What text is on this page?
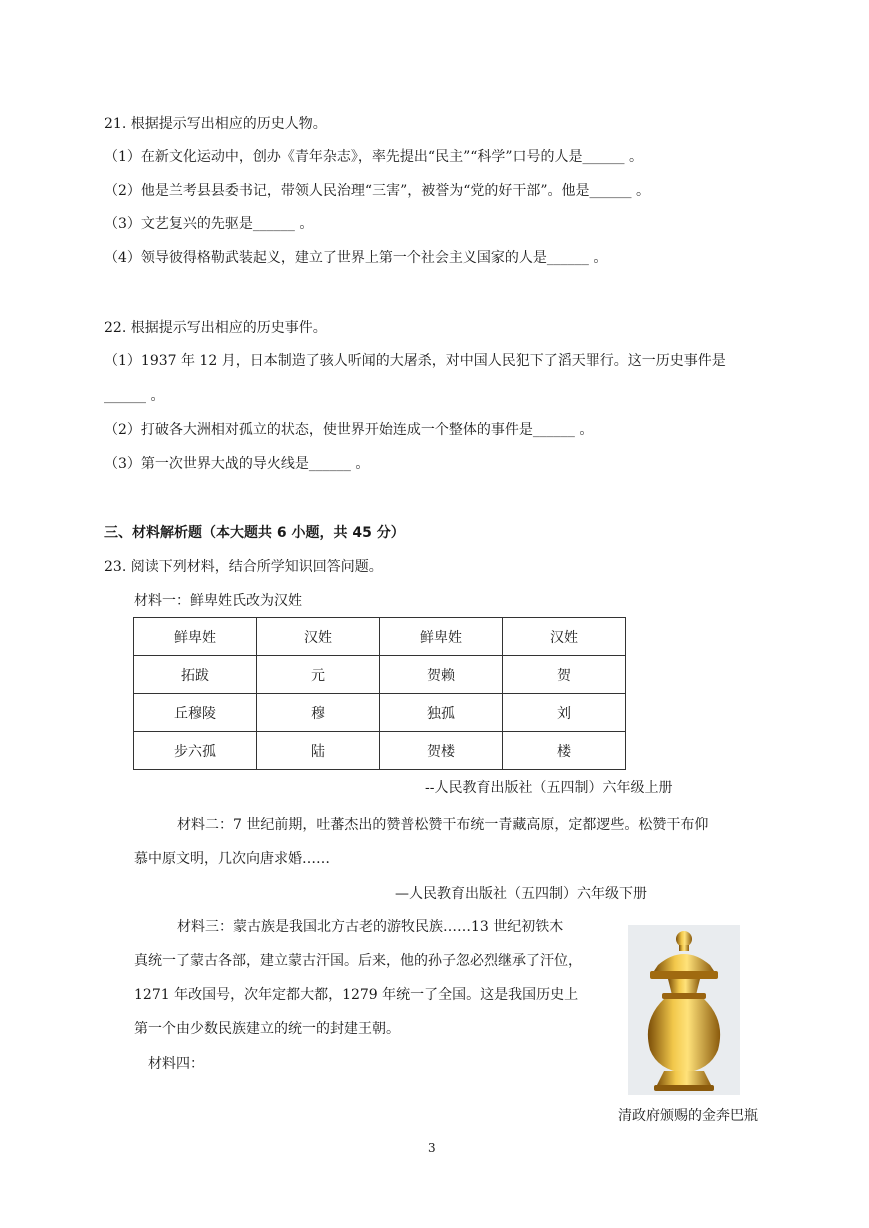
21. 根据提示写出相应的历史人物。
（1）在新文化运动中，创办《青年杂志》，率先提出“民主”“科学”口号的人是______ 。
（2）他是兰考县县委书记，带领人民治理“三害”，被誉为“党的好干部”。他是______ 。
（3）文艺复兴的先驱是______ 。
（4）领导彼得格勒武装起义，建立了世界上第一个社会主义国家的人是______ 。
22. 根据提示写出相应的历史事件。
（1）1937 年 12 月，日本制造了骇人听闻的大屠杀，对中国人民犯下了滔天罪行。这一历史事件是
______ 。
（2）打破各大洲相对孤立的状态，使世界开始连成一个整体的事件是______ 。
（3）第一次世界大战的导火线是______ 。
三、材料解析题（本大题共 6 小题，共 45 分）
23. 阅读下列材料，结合所学知识回答问题。
材料一：鲜卑姓氏改为汉姓
鲜卑姓	汉姓	鲜卑姓	汉姓
拓跋	元	贺赖	贺
丘穆陵	穆	独孤	刘
步六孤	陆	贺楼	楼
--人民教育出版社（五四制）六年级上册
材料二：7 世纪前期，吐蕃杰出的赞普松赞干布统一青藏高原，定都逻些。松赞干布仰
慕中原文明，几次向唐求婚……
—人民教育出版社（五四制）六年级下册
材料三：蒙古族是我国北方古老的游牧民族……13 世纪初铁木
真统一了蒙古各部，建立蒙古汗国。后来，他的孙子忽必烈继承了汗位，
1271 年改国号，次年定都大都，1279 年统一了全国。这是我国历史上
第一个由少数民族建立的统一的封建王朝。
材料四：
清政府颁赐的金奔巴瓶
3
